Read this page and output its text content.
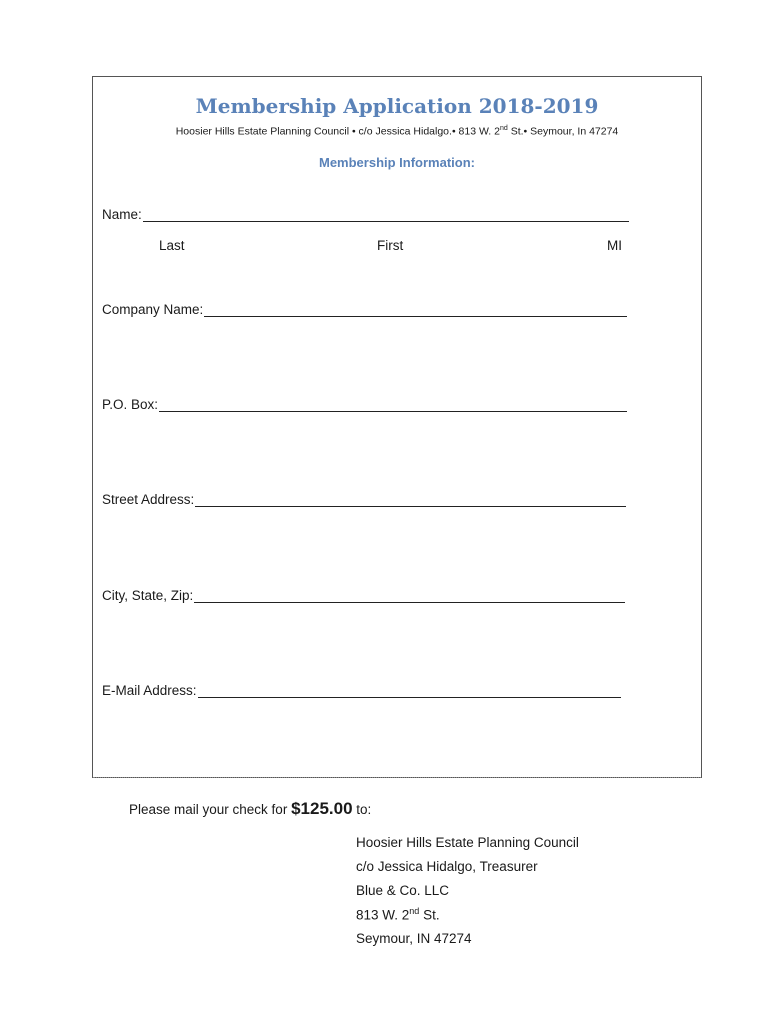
Membership Application 2018-2019
Hoosier Hills Estate Planning Council • c/o Jessica Hidalgo.• 813 W. 2nd St.• Seymour, In 47274
Membership Information:
Name:
Last	First	MI
Company Name:
P.O. Box:
Street Address:
City, State, Zip:
E-Mail Address:
Please mail your check for $125.00 to:
Hoosier Hills Estate Planning Council
c/o Jessica Hidalgo, Treasurer
Blue & Co. LLC
813 W. 2nd St.
Seymour, IN 47274
